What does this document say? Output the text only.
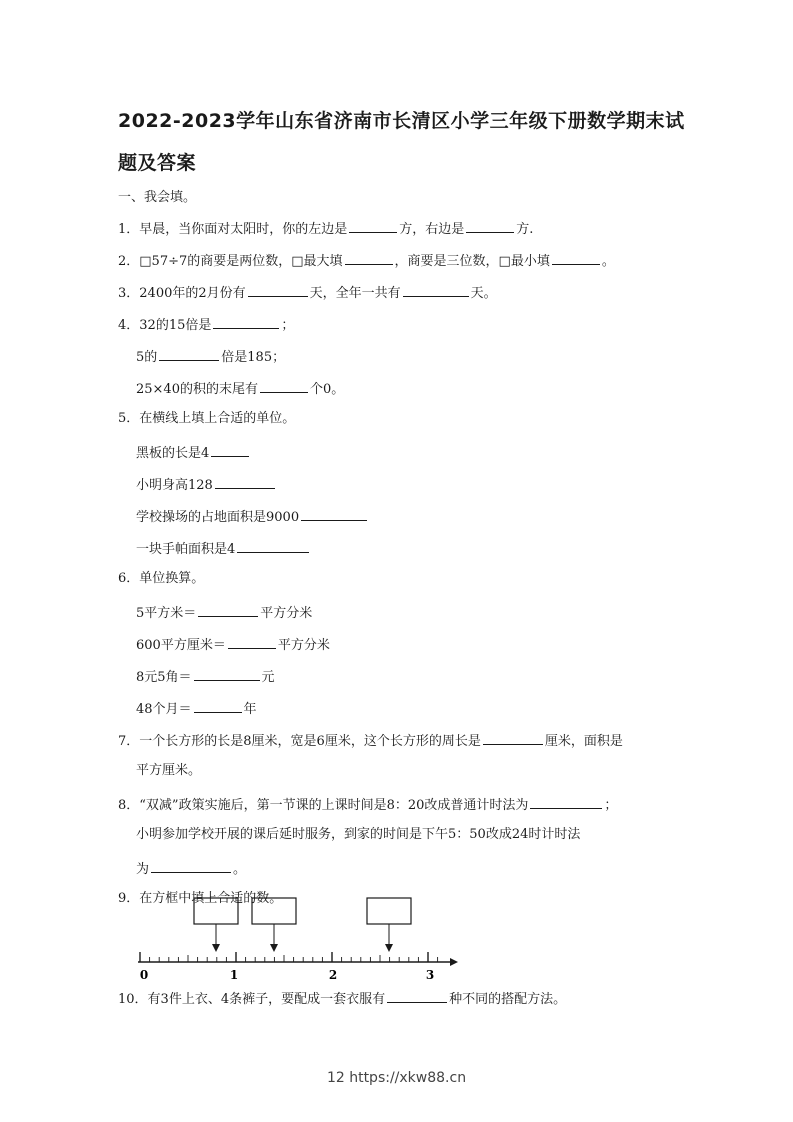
2022-2023学年山东省济南市长清区小学三年级下册数学期末试题及答案
一、我会填。
1．早晨，当你面对太阳时，你的左边是	方，右边是	方.
2．□57÷7的商要是两位数，□最大填	，商要是三位数，□最小填	。
3．2400年的2月份有	天，全年一共有	天。
4．32的15倍是	；
5的	倍是185；
25×40的积的末尾有	个0。
5．在横线上填上合适的单位。
黑板的长是4
小明身高128
学校操场的占地面积是9000
一块手帕面积是4
6．单位换算。
5平方米＝	平方分米
600平方厘米＝	平方分米
8元5角＝	元
48个月＝	年
7．一个长方形的长是8厘米，宽是6厘米，这个长方形的周长是	厘米，面积是
平方厘米。
8．“双减”政策实施后，第一节课的上课时间是8：20改成普通计时法为	；
小明参加学校开展的课后延时服务，到家的时间是下午5：50改成24时计时法
为	。
9．在方框中填上合适的数。
0	1	2	3
10．有3件上衣、4条裤子，要配成一套衣服有	种不同的搭配方法。
12 https://xkw88.cn
